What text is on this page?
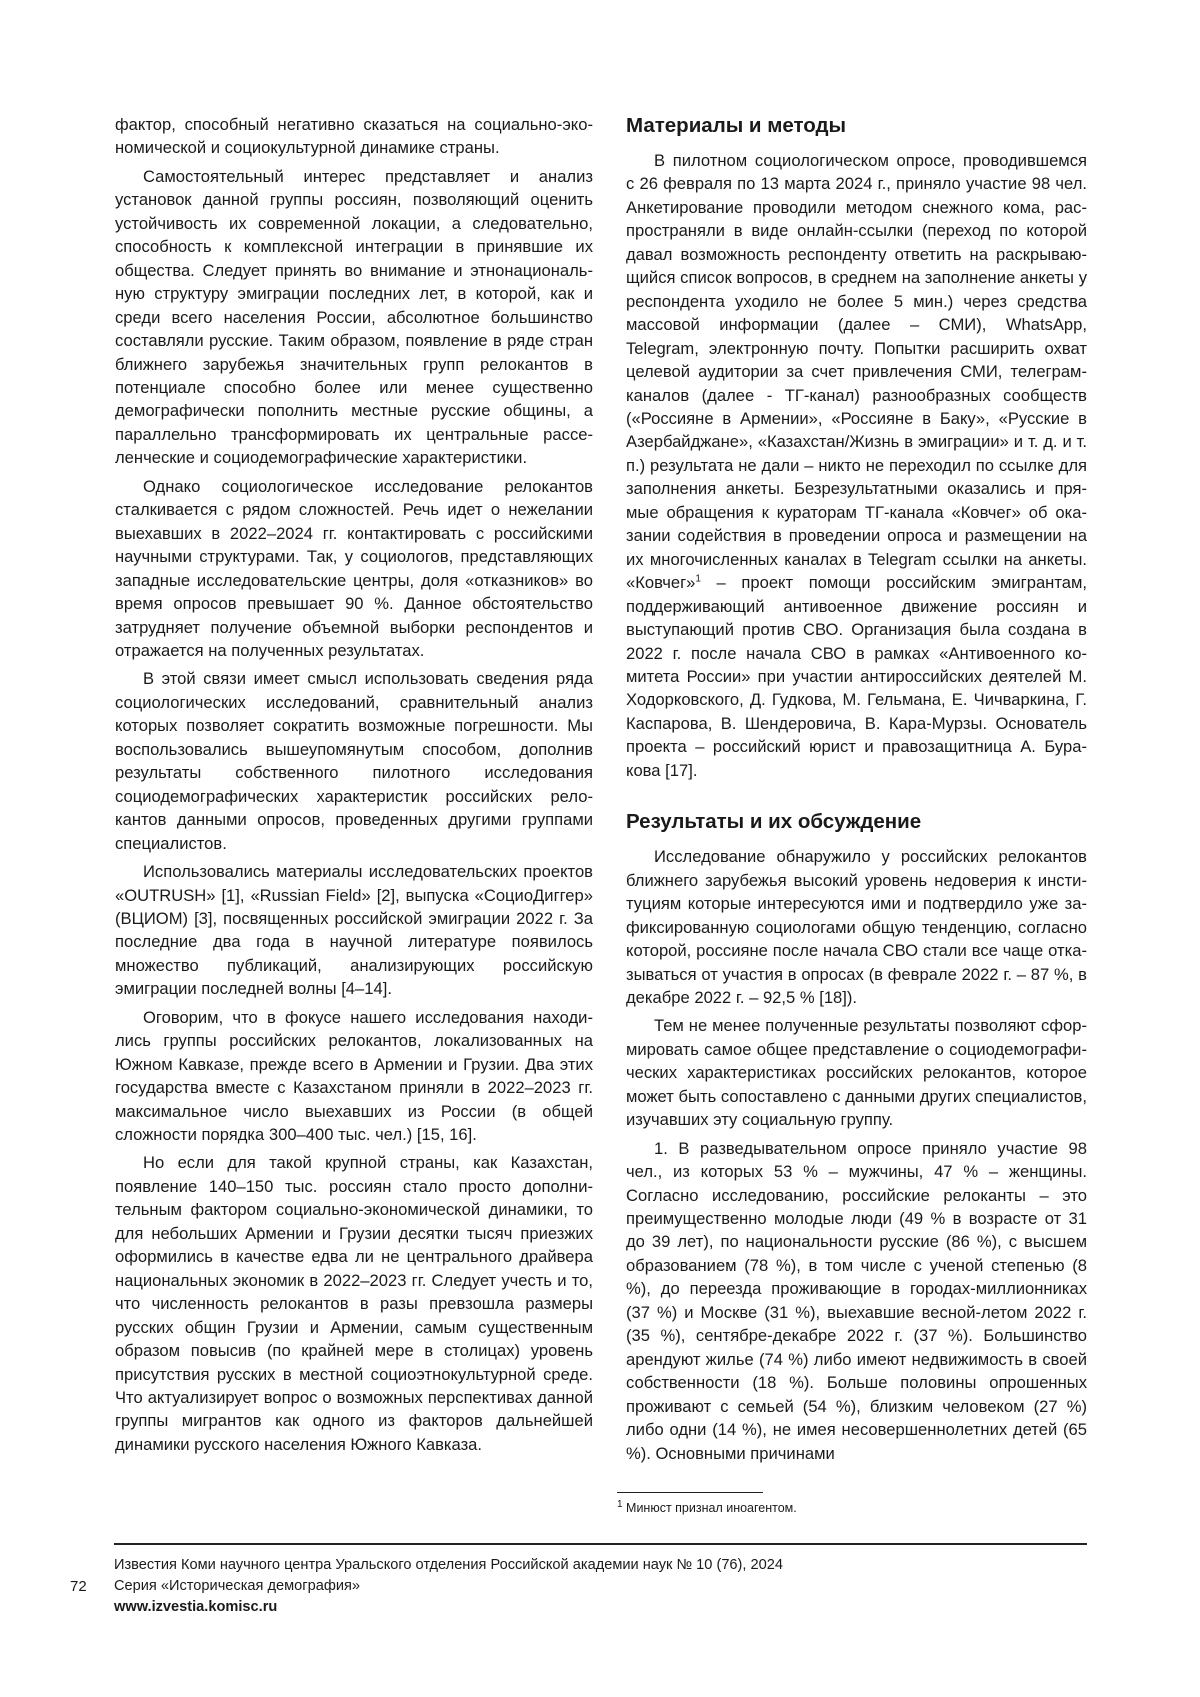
фактор, способный негативно сказаться на социально-экономической и социокультурной динамике страны.

Самостоятельный интерес представляет и анализ установок данной группы россиян, позволяющий оценить устойчивость их современной локации, а следовательно, способность к комплексной интеграции в принявшие их общества. Следует принять во внимание и этнонациональную структуру эмиграции последних лет, в которой, как и среди всего населения России, абсолютное большинство составляли русские. Таким образом, появление в ряде стран ближнего зарубежья значительных групп релокантов в потенциале способно более или менее существенно демографически пополнить местные русские общины, а параллельно трансформировать их центральные расселенческие и социодемографические характеристики.

Однако социологическое исследование релокантов сталкивается с рядом сложностей. Речь идет о нежелании выехавших в 2022–2024 гг. контактировать с российскими научными структурами. Так, у социологов, представляющих западные исследовательские центры, доля «отказников» во время опросов превышает 90 %. Данное обстоятельство затрудняет получение объемной выборки респондентов и отражается на полученных результатах.

В этой связи имеет смысл использовать сведения ряда социологических исследований, сравнительный анализ которых позволяет сократить возможные погрешности. Мы воспользовались вышеупомянутым способом, дополнив результаты собственного пилотного исследования социодемографических характеристик российских релокантов данными опросов, проведенных другими группами специалистов.

Использовались материалы исследовательских проектов «OUTRUSH» [1], «Russian Field» [2], выпуска «СоциоДиггер» (ВЦИОМ) [3], посвященных российской эмиграции 2022 г. За последние два года в научной литературе появилось множество публикаций, анализирующих российскую эмиграции последней волны [4–14].

Оговорим, что в фокусе нашего исследования находились группы российских релокантов, локализованных на Южном Кавказе, прежде всего в Армении и Грузии. Два этих государства вместе с Казахстаном приняли в 2022–2023 гг. максимальное число выехавших из России (в общей сложности порядка 300–400 тыс. чел.) [15, 16].

Но если для такой крупной страны, как Казахстан, появление 140–150 тыс. россиян стало просто дополнительным фактором социально-экономической динамики, то для небольших Армении и Грузии десятки тысяч приезжих оформились в качестве едва ли не центрального драйвера национальных экономик в 2022–2023 гг. Следует учесть и то, что численность релокантов в разы превзошла размеры русских общин Грузии и Армении, самым существенным образом повысив (по крайней мере в столицах) уровень присутствия русских в местной социоэтнокультурной среде. Что актуализирует вопрос о возможных перспективах данной группы мигрантов как одного из факторов дальнейшей динамики русского населения Южного Кавказа.

Материалы и методы

В пилотном социологическом опросе, проводившемся с 26 февраля по 13 марта 2024 г., приняло участие 98 чел. Анкетирование проводили методом снежного кома, распространяли в виде онлайн-ссылки (переход по которой давал возможность респонденту ответить на раскрывающийся список вопросов, в среднем на заполнение анкеты у респондента уходило не более 5 мин.) через средства массовой информации (далее – СМИ), WhatsApp, Telegram, электронную почту. Попытки расширить охват целевой аудитории за счет привлечения СМИ, телеграм-каналов (далее - ТГ-канал) разнообразных сообществ («Россияне в Армении», «Россияне в Баку», «Русские в Азербайджане», «Казахстан/Жизнь в эмиграции» и т. д. и т. п.) результата не дали – никто не переходил по ссылке для заполнения анкеты. Безрезультатными оказались и прямые обращения к кураторам ТГ-канала «Ковчег» об оказании содействия в проведении опроса и размещении на их многочисленных каналах в Telegram ссылки на анкеты. «Ковчег»$^1$ – проект помощи российским эмигрантам, поддерживающий антивоенное движение россиян и выступающий против СВО. Организация была создана в 2022 г. после начала СВО в рамках «Антивоенного комитета России» при участии антироссийских деятелей М. Ходорковского, Д. Гудкова, М. Гельмана, Е. Чичваркина, Г. Каспарова, В. Шендеровича, В. Кара-Мурзы. Основатель проекта – российский юрист и правозащитница А. Буракова [17].

Результаты и их обсуждение

Исследование обнаружило у российских релокантов ближнего зарубежья высокий уровень недоверия к институциям которые интересуются ими и подтвердило уже зафиксированную социологами общую тенденцию, согласно которой, россияне после начала СВО стали все чаще отказываться от участия в опросах (в феврале 2022 г. – 87 %, в декабре 2022 г. – 92,5 % [18]).

Тем не менее полученные результаты позволяют сформировать самое общее представление о социодемографических характеристиках российских релокантов, которое может быть сопоставлено с данными других специалистов, изучавших эту социальную группу.

1. В разведывательном опросе приняло участие 98 чел., из которых 53 % – мужчины, 47 % – женщины. Согласно исследованию, российские релоканты – это преимущественно молодые люди (49 % в возрасте от 31 до 39 лет), по национальности русские (86 %), с высшем образованием (78 %), в том числе с ученой степенью (8 %), до переезда проживающие в городах-миллионниках (37 %) и Москве (31 %), выехавшие весной-летом 2022 г. (35 %), сентябре-декабре 2022 г. (37 %). Большинство арендуют жилье (74 %) либо имеют недвижимость в своей собственности (18 %). Больше половины опрошенных проживают с семьей (54 %), близким человеком (27 %) либо одни (14 %), не имея несовершеннолетних детей (65 %). Основными причинами

$^1$ Минюст признал иноагентом.
72
Известия Коми научного центра Уральского отделения Российской академии наук № 10 (76), 2024
Серия «Историческая демография»
www.izvestia.komisc.ru
